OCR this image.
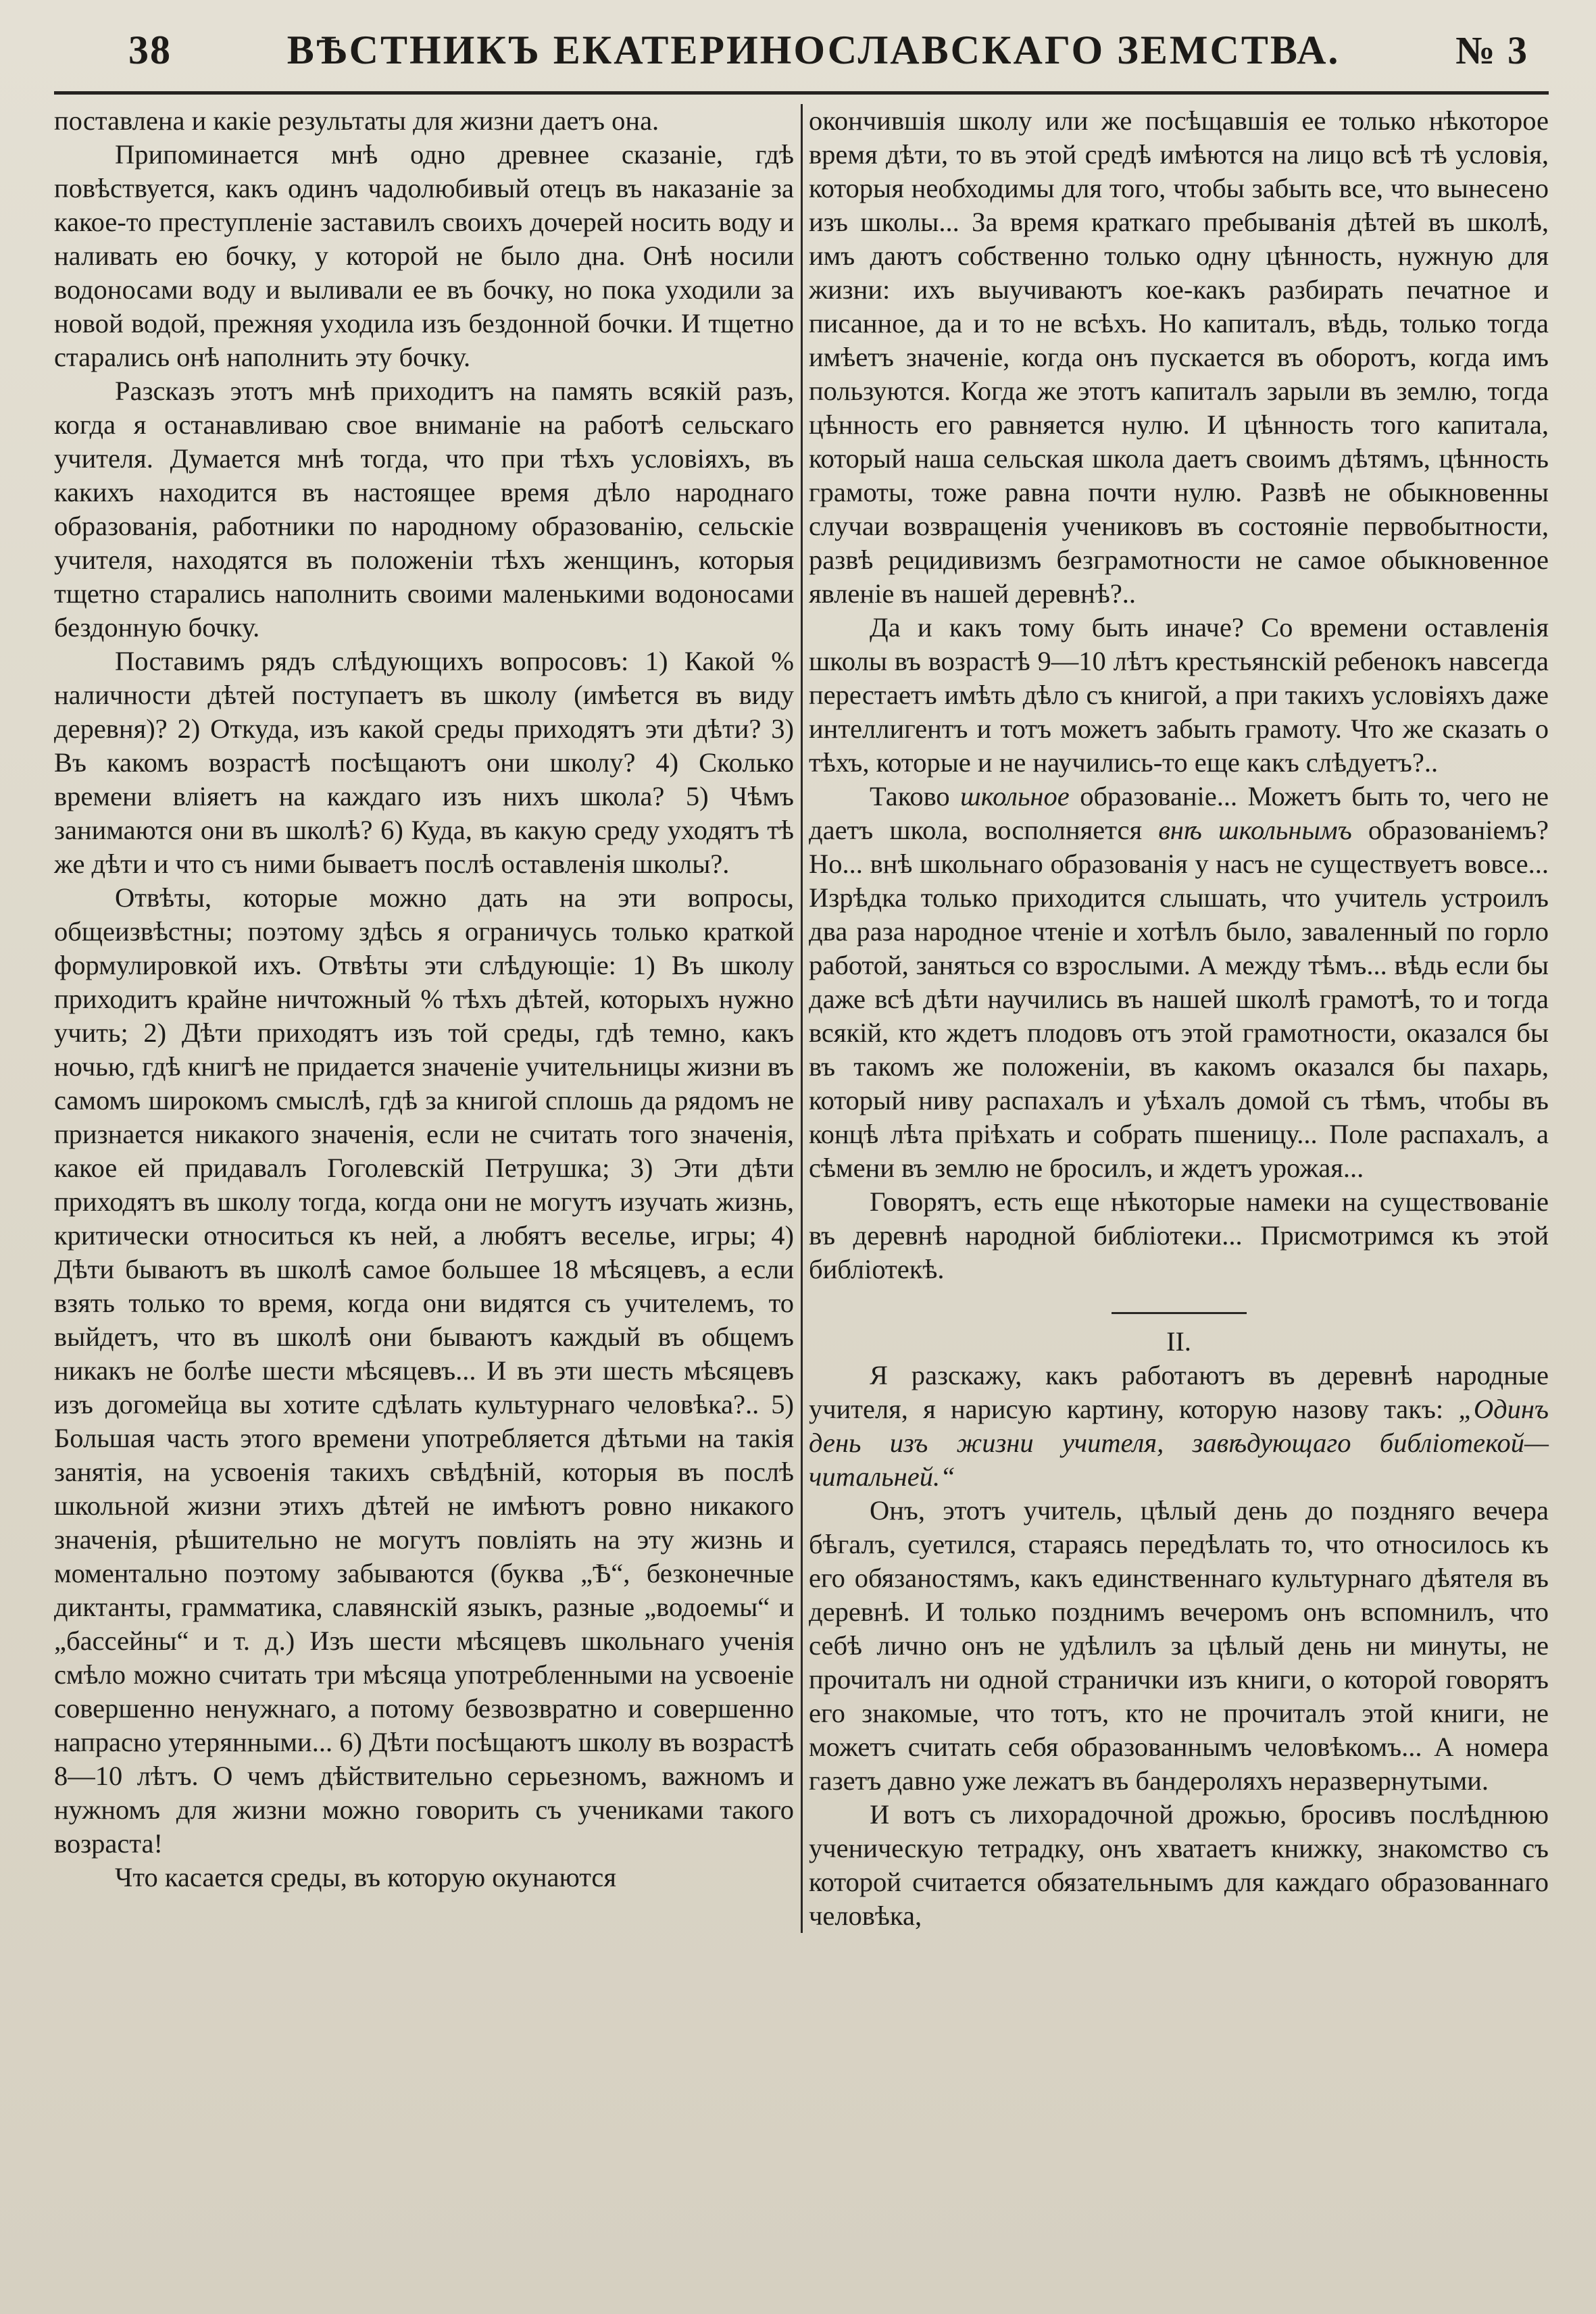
38	ВѢСТНИКЪ ЕКАТЕРИНОСЛАВСКАГО ЗЕМСТВА.	№ 3

поставлена и какіе результаты для жизни даетъ она.

Припоминается мнѣ одно древнее сказаніе, гдѣ повѣствуется, какъ одинъ чадолюбивый отецъ въ наказаніе за какое-то преступленіе заставилъ своихъ дочерей носить воду и наливать ею бочку, у которой не было дна. Онѣ носили водоносами воду и выливали ее въ бочку, но пока уходили за новой водой, прежняя уходила изъ бездонной бочки. И тщетно старались онѣ наполнить эту бочку.

Разсказъ этотъ мнѣ приходитъ на память всякій разъ, когда я останавливаю свое вниманіе на работѣ сельскаго учителя. Думается мнѣ тогда, что при тѣхъ условіяхъ, въ какихъ находится въ настоящее время дѣло народнаго образованія, работники по народному образованію, сельскіе учителя, находятся въ положеніи тѣхъ женщинъ, которыя тщетно старались наполнить своими маленькими водоносами бездонную бочку.

Поставимъ рядъ слѣдующихъ вопросовъ: 1) Какой % наличности дѣтей поступаетъ въ школу (имѣется въ виду деревня)? 2) Откуда, изъ какой среды приходятъ эти дѣти? 3) Въ какомъ возрастѣ посѣщаютъ они школу? 4) Сколько времени вліяетъ на каждаго изъ нихъ школа? 5) Чѣмъ занимаются они въ школѣ? 6) Куда, въ какую среду уходятъ тѣ же дѣти и что съ ними бываетъ послѣ оставленія школы?.

Отвѣты, которые можно дать на эти вопросы, общеизвѣстны; поэтому здѣсь я ограничусь только краткой формулировкой ихъ. Отвѣты эти слѣдующіе: 1) Въ школу приходитъ крайне ничтожный % тѣхъ дѣтей, которыхъ нужно учить; 2) Дѣти приходятъ изъ той среды, гдѣ темно, какъ ночью, гдѣ книгѣ не придается значеніе учительницы жизни въ самомъ широкомъ смыслѣ, гдѣ за книгой сплошь да рядомъ не признается никакого значенія, если не считать того значенія, какое ей придавалъ Гоголевскій Петрушка; 3) Эти дѣти приходятъ въ школу тогда, когда они не могутъ изучать жизнь, критически относиться къ ней, а любятъ веселье, игры; 4) Дѣти бываютъ въ школѣ самое большее 18 мѣсяцевъ, а если взять только то время, когда они видятся съ учителемъ, то выйдетъ, что въ школѣ они бываютъ каждый въ общемъ никакъ не болѣе шести мѣсяцевъ... И въ эти шесть мѣсяцевъ изъ догомейца вы хотите сдѣлать культурнаго человѣка?.. 5) Большая часть этого времени употребляется дѣтьми на такія занятія, на усвоенія такихъ свѣдѣній, которыя въ послѣ школьной жизни этихъ дѣтей не имѣютъ ровно никакого значенія, рѣшительно не могутъ повліять на эту жизнь и моментально поэтому забываются (буква „Ѣ“, безконечные диктанты, грамматика, славянскій языкъ, разные „водоемы“ и „бассейны“ и т. д.) Изъ шести мѣсяцевъ школьнаго ученія смѣло можно считать три мѣсяца употребленными на усвоеніе совершенно ненужнаго, а потому безвозвратно и совершенно напрасно утерянными... 6) Дѣти посѣщаютъ школу въ возрастѣ 8—10 лѣтъ. О чемъ дѣйствительно серьезномъ, важномъ и нужномъ для жизни можно говорить съ учениками такого возраста!

Что касается среды, въ которую окунаются

окончившія школу или же посѣщавшія ее только нѣкоторое время дѣти, то въ этой средѣ имѣются на лицо всѣ тѣ условія, которыя необходимы для того, чтобы забыть все, что вынесено изъ школы... За время краткаго пребыванія дѣтей въ школѣ, имъ даютъ собственно только одну цѣнность, нужную для жизни: ихъ выучиваютъ кое-какъ разбирать печатное и писанное, да и то не всѣхъ. Но капиталъ, вѣдь, только тогда имѣетъ значеніе, когда онъ пускается въ оборотъ, когда имъ пользуются. Когда же этотъ капиталъ зарыли въ землю, тогда цѣнность его равняется нулю. И цѣнность того капитала, который наша сельская школа даетъ своимъ дѣтямъ, цѣнность грамоты, тоже равна почти нулю. Развѣ не обыкновенны случаи возвращенія учениковъ въ состояніе первобытности, развѣ рецидивизмъ безграмотности не самое обыкновенное явленіе въ нашей деревнѣ?..

Да и какъ тому быть иначе? Со времени оставленія школы въ возрастѣ 9—10 лѣтъ крестьянскій ребенокъ навсегда перестаетъ имѣть дѣло съ книгой, а при такихъ условіяхъ даже интеллигентъ и тотъ можетъ забыть грамоту. Что же сказать о тѣхъ, которые и не научились-то еще какъ слѣдуетъ?..

Таково школьное образованіе... Можетъ быть то, чего не даетъ школа, восполняется внѣ школьнымъ образованіемъ? Но... внѣ школьнаго образованія у насъ не существуетъ вовсе... Изрѣдка только приходится слышать, что учитель устроилъ два раза народное чтеніе и хотѣлъ было, заваленный по горло работой, заняться со взрослыми. А между тѣмъ... вѣдь если бы даже всѣ дѣти научились въ нашей школѣ грамотѣ, то и тогда всякій, кто ждетъ плодовъ отъ этой грамотности, оказался бы въ такомъ же положеніи, въ какомъ оказался бы пахарь, который ниву распахалъ и уѣхалъ домой съ тѣмъ, чтобы въ концѣ лѣта пріѣхать и собрать пшеницу... Поле распахалъ, а сѣмени въ землю не бросилъ, и ждетъ урожая...

Говорятъ, есть еще нѣкоторые намеки на существованіе въ деревнѣ народной библіотеки... Присмотримся къ этой библіотекѣ.

II.

Я разскажу, какъ работаютъ въ деревнѣ народные учителя, я нарисую картину, которую назову такъ: „Одинъ день изъ жизни учителя, завѣдующаго библіотекой—читальней.“

Онъ, этотъ учитель, цѣлый день до поздняго вечера бѣгалъ, суетился, стараясь передѣлать то, что относилось къ его обязаностямъ, какъ единственнаго культурнаго дѣятеля въ деревнѣ. И только позднимъ вечеромъ онъ вспомнилъ, что себѣ лично онъ не удѣлилъ за цѣлый день ни минуты, не прочиталъ ни одной странички изъ книги, о которой говорятъ его знакомые, что тотъ, кто не прочиталъ этой книги, не можетъ считать себя образованнымъ человѣкомъ... А номера газетъ давно уже лежатъ въ бандероляхъ неразвернутыми.

И вотъ съ лихорадочной дрожью, бросивъ послѣднюю ученическую тетрадку, онъ хватаетъ книжку, знакомство съ которой считается обязательнымъ для каждаго образованнаго человѣка,
